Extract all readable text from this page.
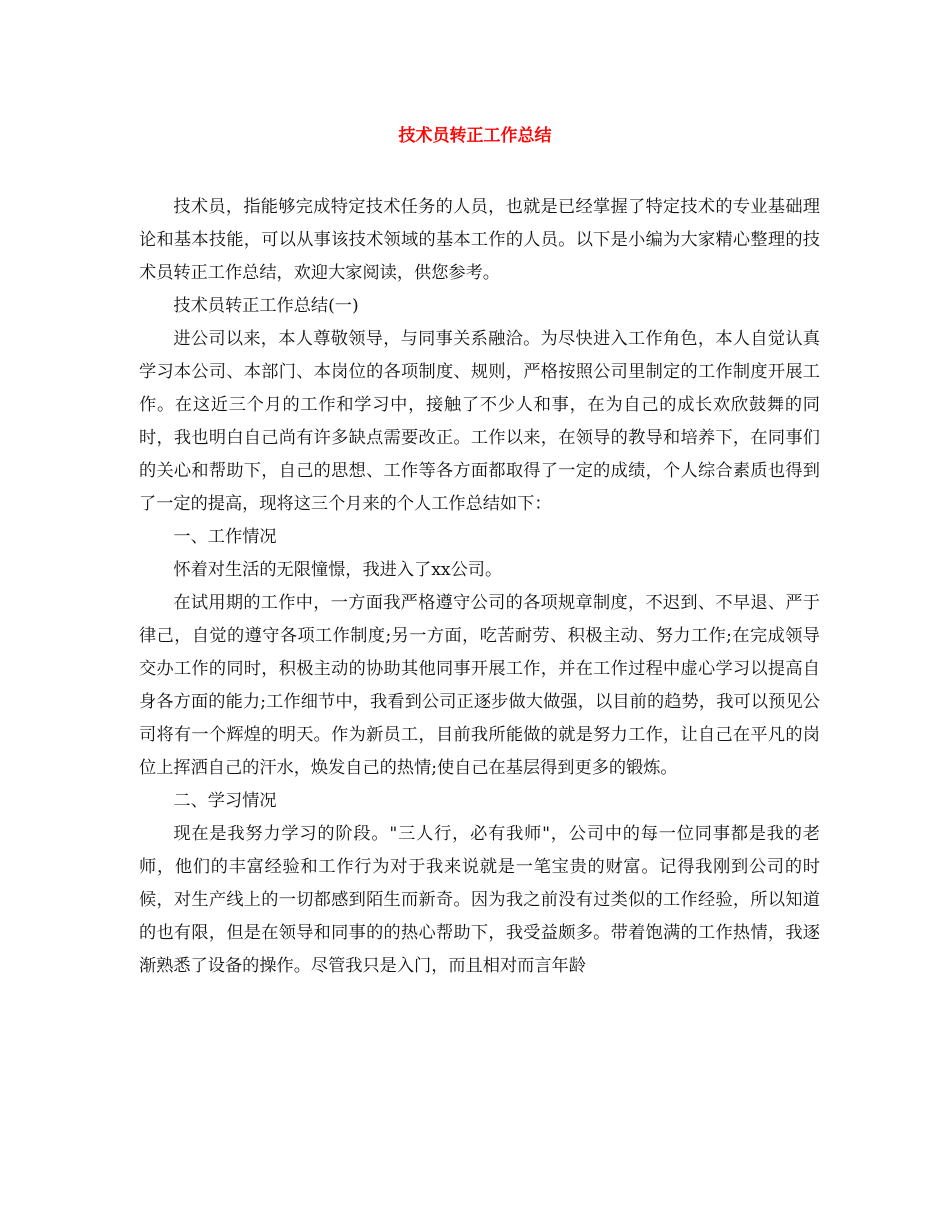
技术员转正工作总结

技术员，指能够完成特定技术任务的人员，也就是已经掌握了特定技术的专业基础理论和基本技能，可以从事该技术领域的基本工作的人员。以下是小编为大家精心整理的技术员转正工作总结，欢迎大家阅读，供您参考。

技术员转正工作总结(一)

进公司以来，本人尊敬领导，与同事关系融洽。为尽快进入工作角色，本人自觉认真学习本公司、本部门、本岗位的各项制度、规则，严格按照公司里制定的工作制度开展工作。在这近三个月的工作和学习中，接触了不少人和事，在为自己的成长欢欣鼓舞的同时，我也明白自己尚有许多缺点需要改正。工作以来，在领导的教导和培养下，在同事们的关心和帮助下，自己的思想、工作等各方面都取得了一定的成绩，个人综合素质也得到了一定的提高，现将这三个月来的个人工作总结如下：

一、工作情况

怀着对生活的无限憧憬，我进入了xx公司。

在试用期的工作中，一方面我严格遵守公司的各项规章制度，不迟到、不早退、严于律己，自觉的遵守各项工作制度;另一方面，吃苦耐劳、积极主动、努力工作;在完成领导交办工作的同时，积极主动的协助其他同事开展工作，并在工作过程中虚心学习以提高自身各方面的能力;工作细节中，我看到公司正逐步做大做强，以目前的趋势，我可以预见公司将有一个辉煌的明天。作为新员工，目前我所能做的就是努力工作，让自己在平凡的岗位上挥洒自己的汗水，焕发自己的热情;使自己在基层得到更多的锻炼。

二、学习情况

现在是我努力学习的阶段。"三人行，必有我师"，公司中的每一位同事都是我的老师，他们的丰富经验和工作行为对于我来说就是一笔宝贵的财富。记得我刚到公司的时候，对生产线上的一切都感到陌生而新奇。因为我之前没有过类似的工作经验，所以知道的也有限，但是在领导和同事的的热心帮助下，我受益颇多。带着饱满的工作热情，我逐渐熟悉了设备的操作。尽管我只是入门，而且相对而言年龄
